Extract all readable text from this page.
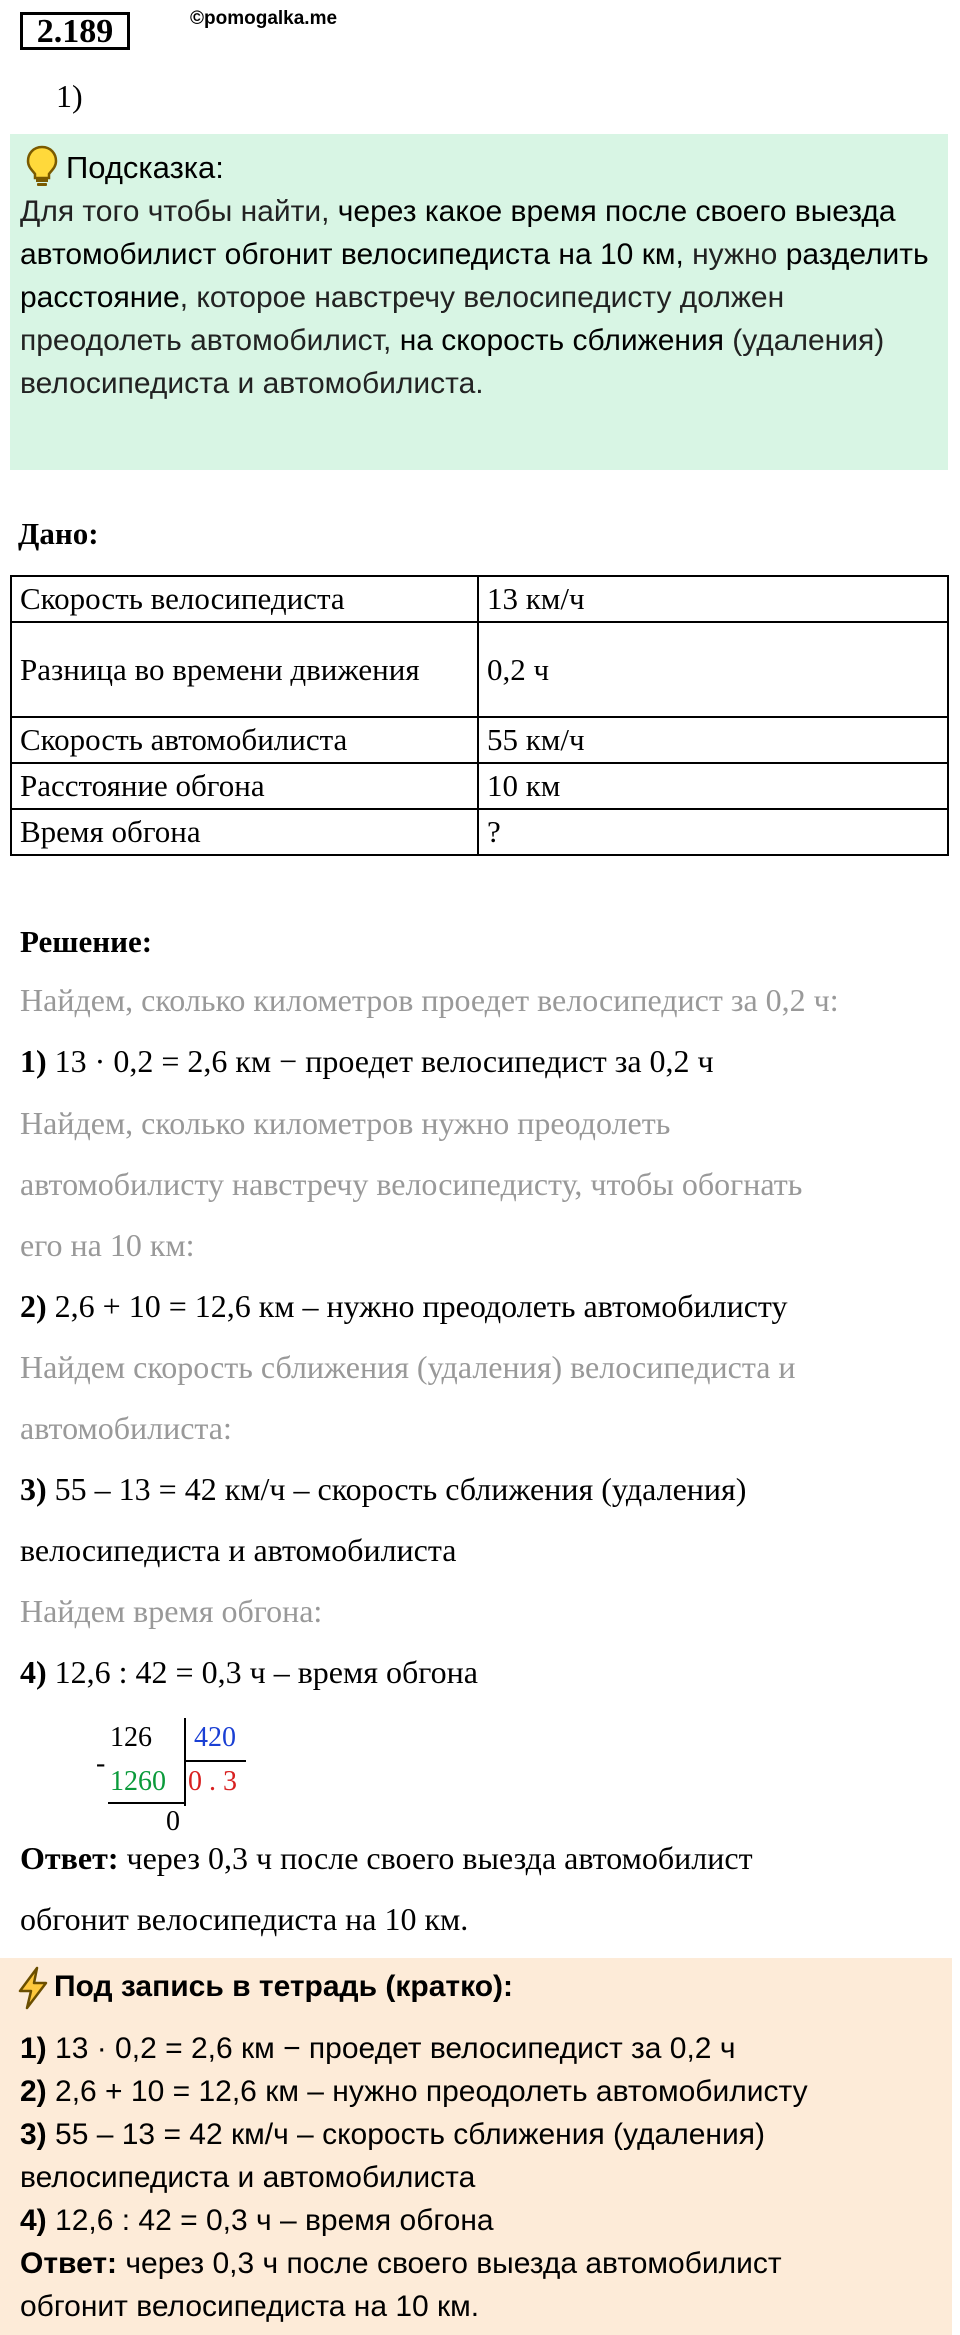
2.189	©pomogalka.me
1)
Подсказка:
Для того чтобы найти, через какое время после своего выезда автомобилист обгонит велосипедиста на 10 км, нужно разделить расстояние, которое навстречу велосипедисту должен преодолеть автомобилист, на скорость сближения (удаления) велосипедиста и автомобилиста.
Дано:
Скорость велосипедиста	13 км/ч
Разница во времени движения	0,2 ч
Скорость автомобилиста	55 км/ч
Расстояние обгона	10 км
Время обгона	?
Решение:
Найдем, сколько километров проедет велосипедист за 0,2 ч:
1) 13 · 0,2 = 2,6 км − проедет велосипедист за 0,2 ч
Найдем, сколько километров нужно преодолеть
автомобилисту навстречу велосипедисту, чтобы обогнать
его на 10 км:
2) 2,6 + 10 = 12,6 км – нужно преодолеть автомобилисту
Найдем скорость сближения (удаления) велосипедиста и
автомобилиста:
3) 55 – 13 = 42 км/ч – скорость сближения (удаления)
велосипедиста и автомобилиста
Найдем время обгона:
4) 12,6 : 42 = 0,3 ч – время обгона
126 420
-
1260 0 . 3
0
Ответ: через 0,3 ч после своего выезда автомобилист
обгонит велосипедиста на 10 км.
Под запись в тетрадь (кратко):
1) 13 · 0,2 = 2,6 км − проедет велосипедист за 0,2 ч
2) 2,6 + 10 = 12,6 км – нужно преодолеть автомобилисту
3) 55 – 13 = 42 км/ч – скорость сближения (удаления)
велосипедиста и автомобилиста
4) 12,6 : 42 = 0,3 ч – время обгона
Ответ: через 0,3 ч после своего выезда автомобилист
обгонит велосипедиста на 10 км.
